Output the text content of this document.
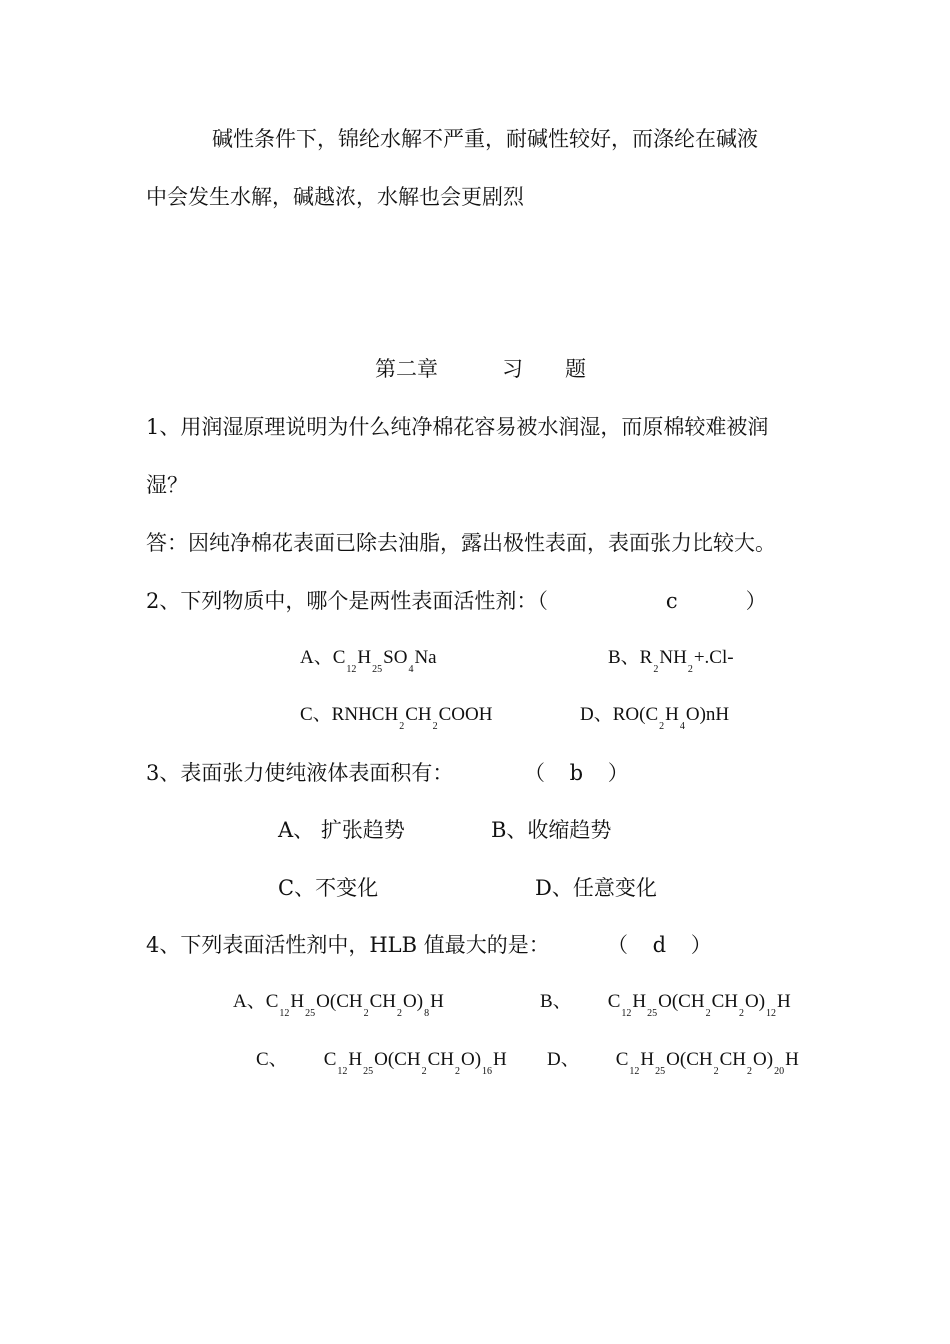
碱性条件下，锦纶水解不严重，耐碱性较好，而涤纶在碱液
中会发生水解，碱越浓，水解也会更剧烈
第二章	习 题
1、用润湿原理说明为什么纯净棉花容易被水润湿，而原棉较难被润
湿？
答：因纯净棉花表面已除去油脂，露出极性表面，表面张力比较大。
2、下列物质中，哪个是两性表面活性剂：（	c	）
A、$C_{12}H_{25}SO_4Na$	B、$R_2NH_2+.Cl-$
C、$RNHCH_2CH_2COOH$	D、$RO(C_2H_4O)nH$
3、表面张力使纯液体表面积有：	（ b ）
A、 扩张趋势	B、收缩趋势
C、不变化	D、任意变化
4、下列表面活性剂中，HLB 值最大的是：	（ d ）
A、$C_{12}H_{25}O(CH_2CH_2O)_8H$	B、 $C_{12}H_{25}O(CH_2CH_2O)_{12}H$
C、 $C_{12}H_{25}O(CH_2CH_2O)_{16}H$ D、 $C_{12}H_{25}O(CH_2CH_2O)_{20}H$
